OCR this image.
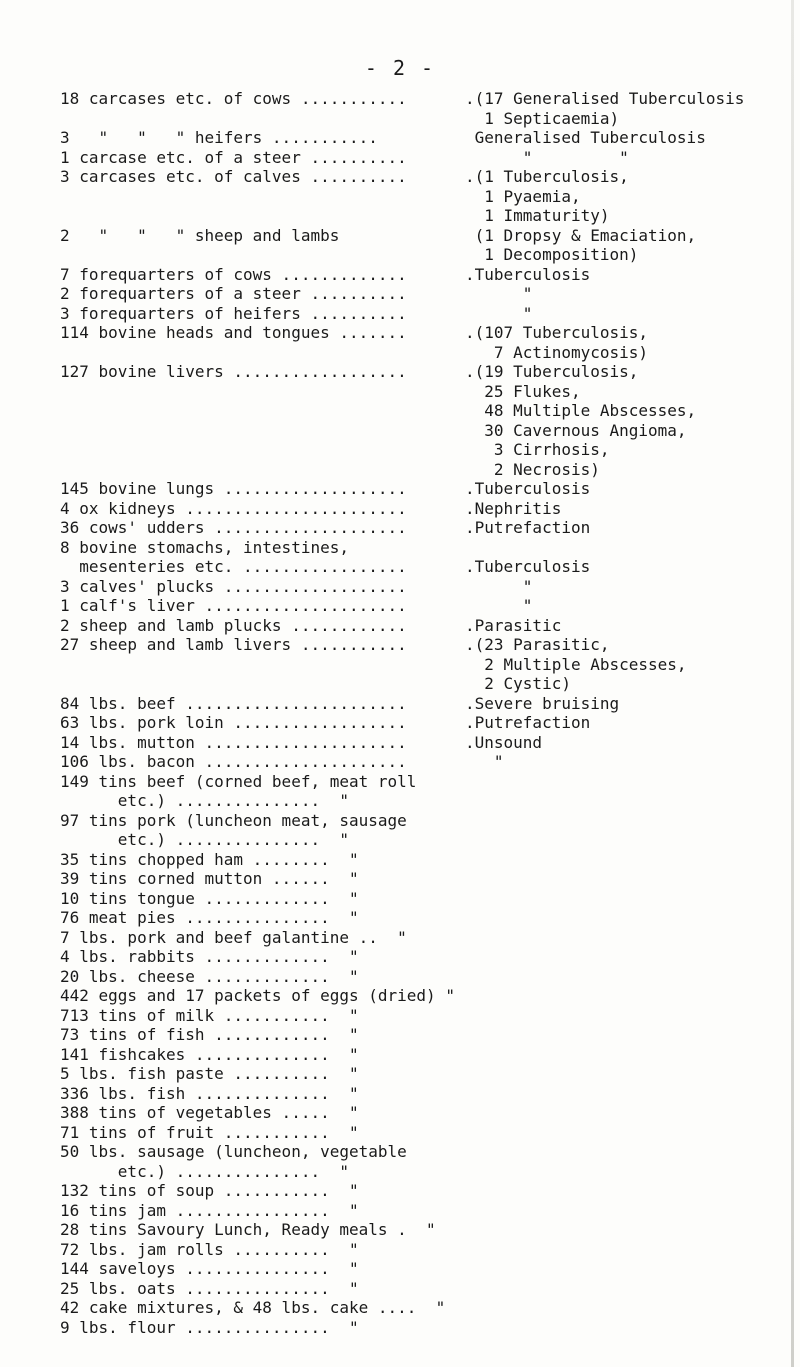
- 2 -
18 carcases etc. of cows ...........	.(17 Generalised Tuberculosis
1 Septicaemia)
3   "   "   " heifers ...........	Generalised Tuberculosis
1 carcase etc. of a steer ..........	"         "
3 carcases etc. of calves ..........	.(1 Tuberculosis,
1 Pyaemia,
1 Immaturity)
2   "   "   " sheep and lambs	(1 Dropsy & Emaciation,
1 Decomposition)
7 forequarters of cows .............	.Tuberculosis
2 forequarters of a steer ..........	"
3 forequarters of heifers ..........	"
114 bovine heads and tongues .......	.(107 Tuberculosis,
7 Actinomycosis)
127 bovine livers ..................	.(19 Tuberculosis,
25 Flukes,
48 Multiple Abscesses,
30 Cavernous Angioma,
3 Cirrhosis,
2 Necrosis)
145 bovine lungs ...................	.Tuberculosis
4 ox kidneys .......................	.Nephritis
36 cows' udders ....................	.Putrefaction
8 bovine stomachs, intestines,
mesenteries etc. .................	.Tuberculosis
3 calves' plucks ...................	"
1 calf's liver .....................	"
2 sheep and lamb plucks ............	.Parasitic
27 sheep and lamb livers ...........	.(23 Parasitic,
2 Multiple Abscesses,
2 Cystic)
84 lbs. beef .......................	.Severe bruising
63 lbs. pork loin ..................	.Putrefaction
14 lbs. mutton .....................	.Unsound
106 lbs. bacon .....................	"
149 tins beef (corned beef, meat roll
etc.) ...............  "
97 tins pork (luncheon meat, sausage
etc.) ...............  "
35 tins chopped ham ........  "
39 tins corned mutton ......  "
10 tins tongue .............  "
76 meat pies ...............  "
7 lbs. pork and beef galantine ..  "
4 lbs. rabbits .............  "
20 lbs. cheese .............  "
442 eggs and 17 packets of eggs (dried) "
713 tins of milk ...........  "
73 tins of fish ............  "
141 fishcakes ..............  "
5 lbs. fish paste ..........  "
336 lbs. fish ..............  "
388 tins of vegetables .....  "
71 tins of fruit ...........  "
50 lbs. sausage (luncheon, vegetable
etc.) ...............  "
132 tins of soup ...........  "
16 tins jam ................  "
28 tins Savoury Lunch, Ready meals .  "
72 lbs. jam rolls ..........  "
144 saveloys ...............  "
25 lbs. oats ...............  "
42 cake mixtures, & 48 lbs. cake ....  "
9 lbs. flour ...............  "
